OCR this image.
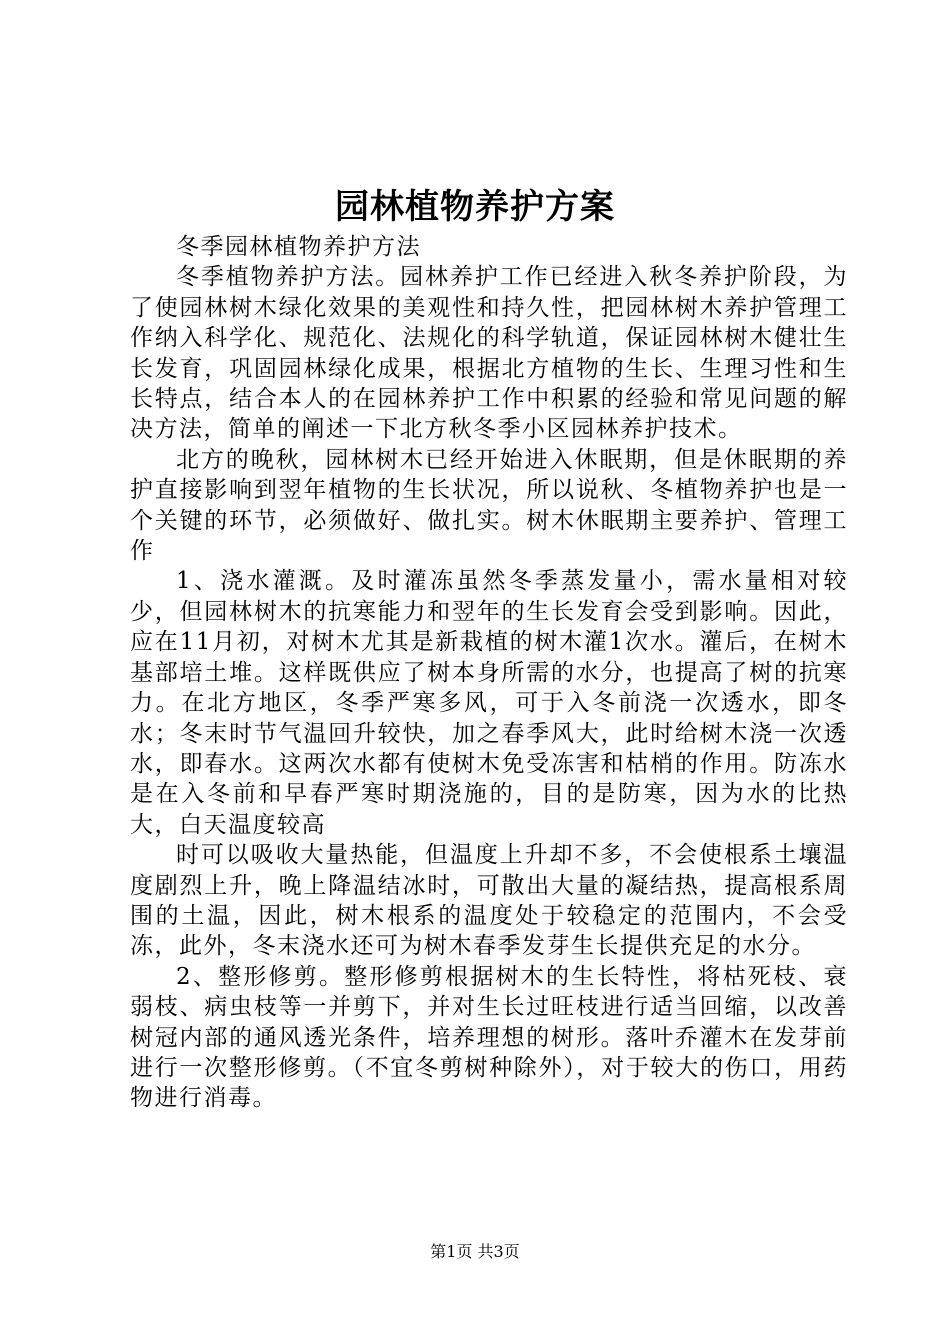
园林植物养护方案

冬季园林植物养护方法

冬季植物养护方法。园林养护工作已经进入秋冬养护阶段，为了使园林树木绿化效果的美观性和持久性，把园林树木养护管理工作纳入科学化、规范化、法规化的科学轨道，保证园林树木健壮生长发育，巩固园林绿化成果，根据北方植物的生长、生理习性和生长特点，结合本人的在园林养护工作中积累的经验和常见问题的解决方法，简单的阐述一下北方秋冬季小区园林养护技术。

北方的晚秋，园林树木已经开始进入休眠期，但是休眠期的养护直接影响到翌年植物的生长状况，所以说秋、冬植物养护也是一个关键的环节，必须做好、做扎实。树木休眠期主要养护、管理工作

1、浇水灌溉。及时灌冻虽然冬季蒸发量小，需水量相对较少，但园林树木的抗寒能力和翌年的生长发育会受到影响。因此，应在11月初，对树木尤其是新栽植的树木灌1次水。灌后，在树木基部培土堆。这样既供应了树本身所需的水分，也提高了树的抗寒力。在北方地区，冬季严寒多风，可于入冬前浇一次透水，即冬水；冬末时节气温回升较快，加之春季风大，此时给树木浇一次透水，即春水。这两次水都有使树木免受冻害和枯梢的作用。防冻水是在入冬前和早春严寒时期浇施的，目的是防寒，因为水的比热大，白天温度较高

时可以吸收大量热能，但温度上升却不多，不会使根系土壤温度剧烈上升，晚上降温结冰时，可散出大量的凝结热，提高根系周围的土温，因此，树木根系的温度处于较稳定的范围内，不会受冻，此外，冬末浇水还可为树木春季发芽生长提供充足的水分。

2、整形修剪。整形修剪根据树木的生长特性，将枯死枝、衰弱枝、病虫枝等一并剪下，并对生长过旺枝进行适当回缩，以改善树冠内部的通风透光条件，培养理想的树形。落叶乔灌木在发芽前进行一次整形修剪。（不宜冬剪树种除外），对于较大的伤口，用药物进行消毒。

第1页 共3页
